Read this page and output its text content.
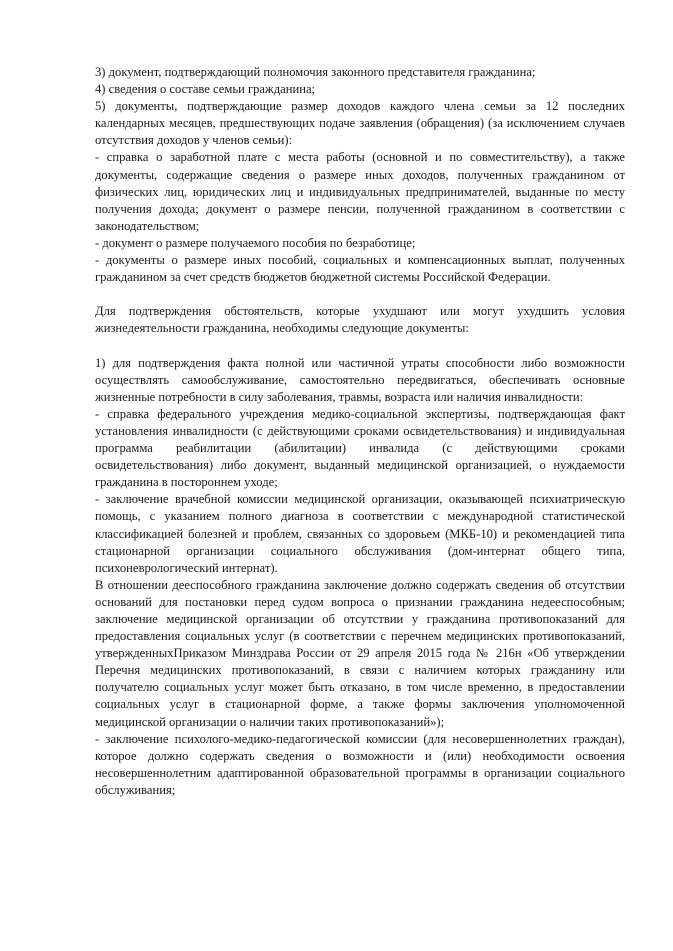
3) документ, подтверждающий полномочия законного представителя гражданина;

4) сведения о составе семьи гражданина;

5) документы, подтверждающие размер доходов каждого члена семьи за 12 последних календарных месяцев, предшествующих подаче заявления (обращения) (за исключением случаев отсутствия доходов у членов семьи):

- справка о заработной плате с места работы (основной и по совместительству), а также документы, содержащие сведения о размере иных доходов, полученных гражданином от физических лиц, юридических лиц и индивидуальных предпринимателей, выданные по месту получения дохода; документ о размере пенсии, полученной гражданином в соответствии с законодательством;

- документ о размере получаемого пособия по безработице;

- документы о размере иных пособий, социальных и компенсационных выплат, полученных гражданином за счет средств бюджетов бюджетной системы Российской Федерации.

Для подтверждения обстоятельств, которые ухудшают или могут ухудшить условия жизнедеятельности гражданина, необходимы следующие документы:

1) для подтверждения факта полной или частичной утраты способности либо возможности осуществлять самообслуживание, самостоятельно передвигаться, обеспечивать основные жизненные потребности в силу заболевания, травмы, возраста или наличия инвалидности:

- справка федерального учреждения медико-социальной экспертизы, подтверждающая факт установления инвалидности (с действующими сроками освидетельствования) и индивидуальная программа реабилитации (абилитации) инвалида (с действующими сроками освидетельствования) либо документ, выданный медицинской организацией, о нуждаемости гражданина в постороннем уходе;

- заключение врачебной комиссии медицинской организации, оказывающей психиатрическую помощь, с указанием полного диагноза в соответствии с международной статистической классификацией болезней и проблем, связанных со здоровьем (МКБ-10) и рекомендацией типа стационарной организации социального обслуживания (дом-интернат общего типа, психоневрологический интернат).

В отношении дееспособного гражданина заключение должно содержать сведения об отсутствии оснований для постановки перед судом вопроса о признании гражданина недееспособным; заключение медицинской организации об отсутствии у гражданина противопоказаний для предоставления социальных услуг (в соответствии с перечнем медицинских противопоказаний, утвержденныхПриказом Минздрава России от 29 апреля 2015 года № 216н «Об утверждении Перечня медицинских противопоказаний, в связи с наличием которых гражданину или получателю социальных услуг может быть отказано, в том числе временно, в предоставлении социальных услуг в стационарной форме, а также формы заключения уполномоченной медицинской организации о наличии таких противопоказаний»);

- заключение психолого-медико-педагогической комиссии (для несовершеннолетних граждан), которое должно содержать сведения о возможности и (или) необходимости освоения несовершеннолетним адаптированной образовательной программы в организации социального обслуживания;
